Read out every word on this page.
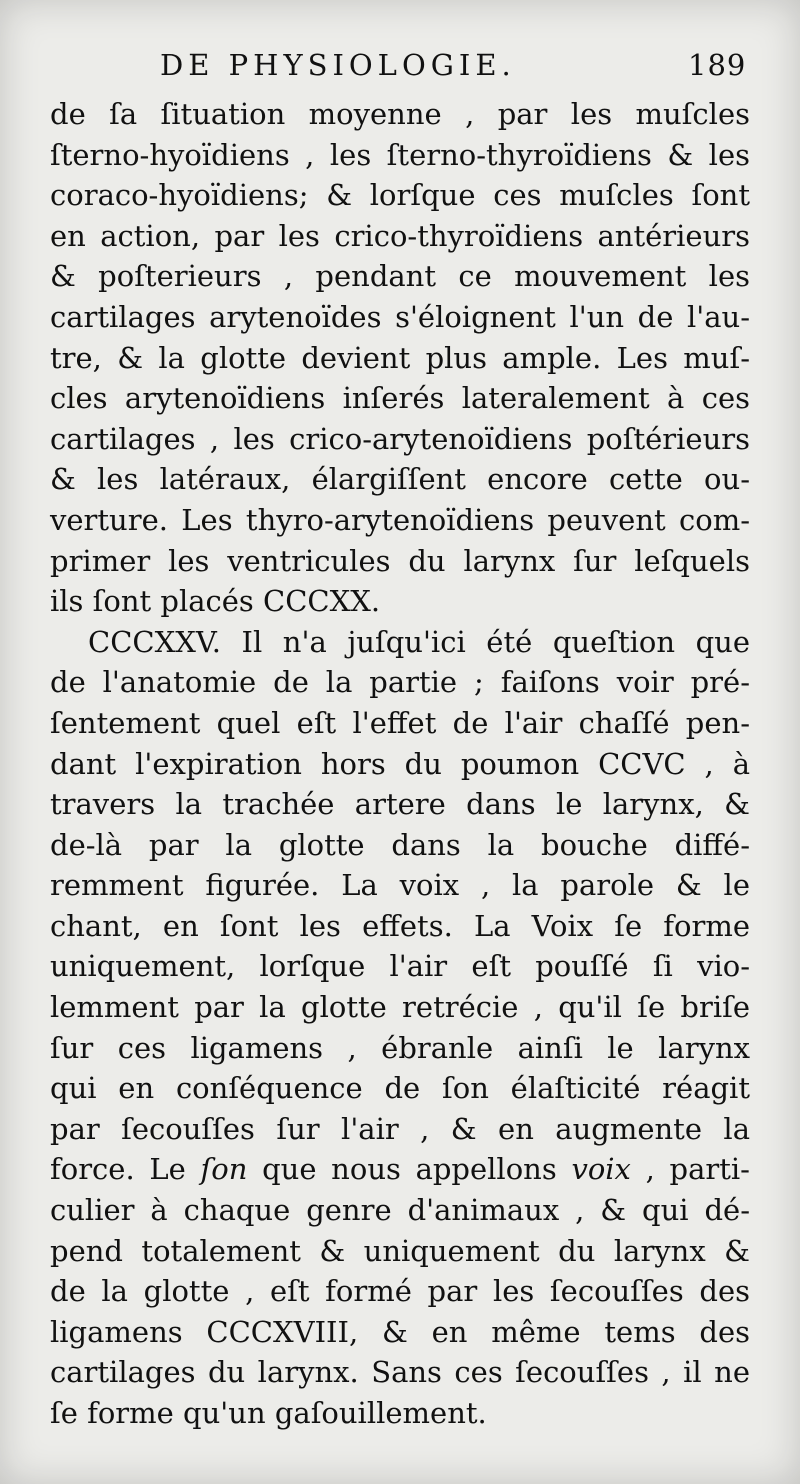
DE PHYSIOLOGIE.	189
de ſa ſituation moyenne , par les muſcles
ſterno-hyoïdiens , les ſterno-thyroïdiens & les
coraco-hyoïdiens; & lorſque ces muſcles ſont
en action, par les crico-thyroïdiens antérieurs
& poſterieurs , pendant ce mouvement les
cartilages arytenoïdes s'éloignent l'un de l'au-
tre, & la glotte devient plus ample. Les muſ-
cles arytenoïdiens inſerés lateralement à ces
cartilages , les crico-arytenoïdiens poſtérieurs
& les latéraux, élargiſſent encore cette ou-
verture. Les thyro-arytenoïdiens peuvent com-
primer les ventricules du larynx ſur leſquels
ils ſont placés CCCXX.
CCCXXV. Il n'a juſqu'ici été queſtion que
de l'anatomie de la partie ; faiſons voir pré-
ſentement quel eſt l'effet de l'air chaſſé pen-
dant l'expiration hors du poumon CCVC , à
travers la trachée artere dans le larynx, &
de-là par la glotte dans la bouche diffé-
remment figurée. La voix , la parole & le
chant, en ſont les effets. La Voix ſe forme
uniquement, lorſque l'air eſt pouſſé ſi vio-
lemment par la glotte retrécie , qu'il ſe briſe
ſur ces ligamens , ébranle ainſi le larynx
qui en conſéquence de ſon élaſticité réagit
par ſecouſſes ſur l'air , & en augmente la
force. Le ſon que nous appellons voix , parti-
culier à chaque genre d'animaux , & qui dé-
pend totalement & uniquement du larynx &
de la glotte , eſt formé par les ſecouſſes des
ligamens CCCXVIII, & en même tems des
cartilages du larynx. Sans ces ſecouſſes , il ne
ſe forme qu'un gaſouillement.
